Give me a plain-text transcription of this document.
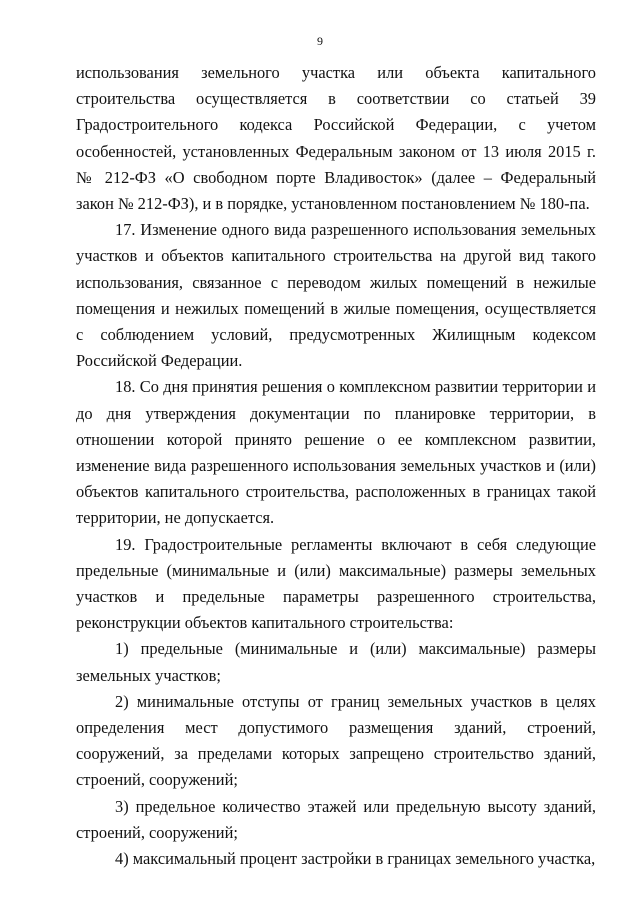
9

использования земельного участка или объекта капитального строительства осуществляется в соответствии со статьей 39 Градостроительного кодекса Российской Федерации, с учетом особенностей, установленных Федеральным законом от 13 июля 2015 г. № 212-ФЗ «О свободном порте Владивосток» (далее – Федеральный закон № 212-ФЗ), и в порядке, установленном постановлением № 180-па.

17. Изменение одного вида разрешенного использования земельных участков и объектов капитального строительства на другой вид такого использования, связанное с переводом жилых помещений в нежилые помещения и нежилых помещений в жилые помещения, осуществляется с соблюдением условий, предусмотренных Жилищным кодексом Российской Федерации.

18. Со дня принятия решения о комплексном развитии территории и до дня утверждения документации по планировке территории, в отношении которой принято решение о ее комплексном развитии, изменение вида разрешенного использования земельных участков и (или) объектов капитального строительства, расположенных в границах такой территории, не допускается.

19. Градостроительные регламенты включают в себя следующие предельные (минимальные и (или) максимальные) размеры земельных участков и предельные параметры разрешенного строительства, реконструкции объектов капитального строительства:

1) предельные (минимальные и (или) максимальные) размеры земельных участков;

2) минимальные отступы от границ земельных участков в целях определения мест допустимого размещения зданий, строений, сооружений, за пределами которых запрещено строительство зданий, строений, сооружений;

3) предельное количество этажей или предельную высоту зданий, строений, сооружений;

4) максимальный процент застройки в границах земельного участка,
